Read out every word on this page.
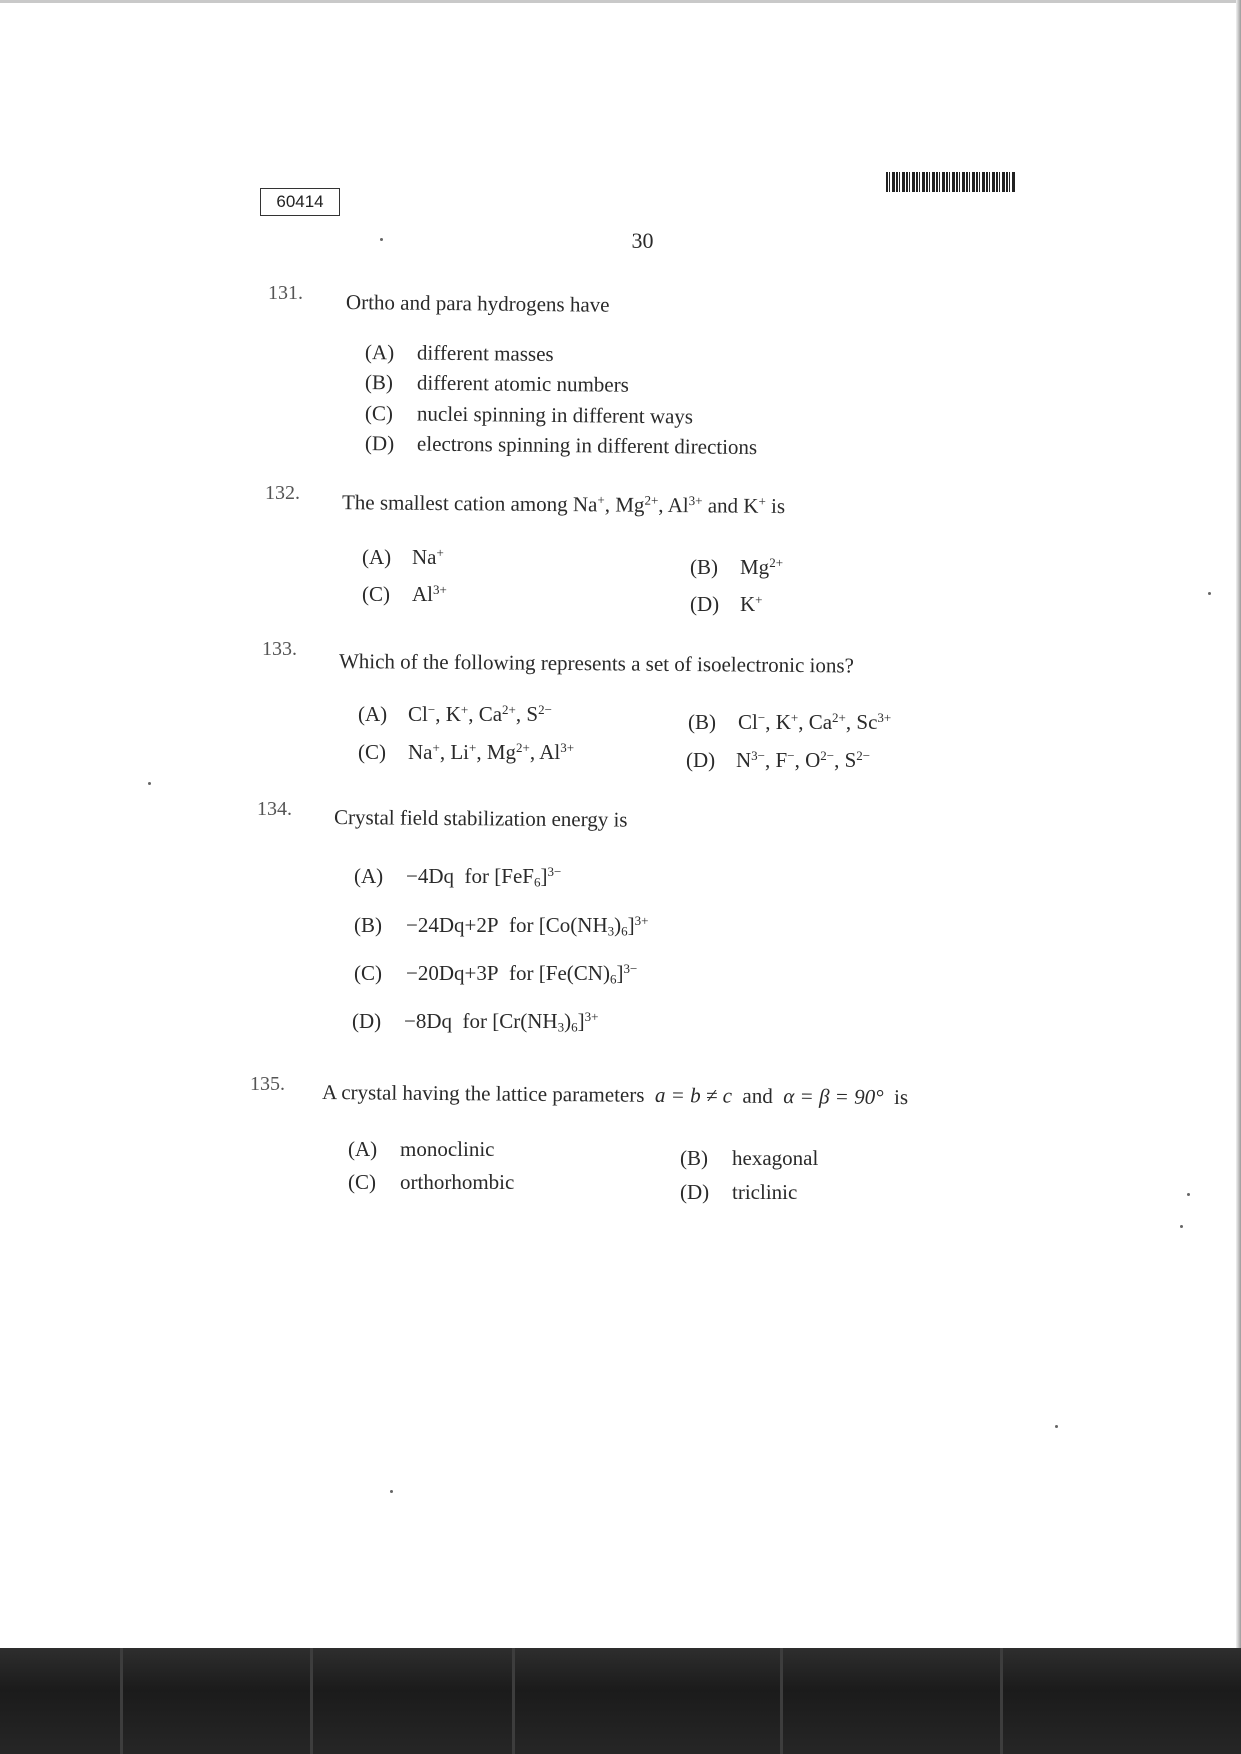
60414
30
131. Ortho and para hydrogens have
(A) different masses
(B) different atomic numbers
(C) nuclei spinning in different ways
(D) electrons spinning in different directions
132. The smallest cation among Na+, $Mg^{2+}$, $Al^{3+}$ and K+ is
(A) Na+
(B) $Mg^{2+}$
(C) $Al^{3+}$
(D) K+
133.
Which of the following represents a set of isoelectronic ions?
(A) Cl−, K+, $Ca^{2+}$, $S^{2-}$
(B) Cl−, K+, $Ca^{2+}$, $Sc^{3+}$
(C) Na+, Li+, $Mg^{2+}$, $Al^{3+}$
(D) $N^{3-}$, F−, $O^{2-}$, $S^{2-}$
134. Crystal field stabilization energy is
(A) −4Dq for $[FeF_6]^{3-}$
(B) −24Dq+2P for $[Co(NH_3)_6]^{3+}$
(C) −20Dq+3P for $[Fe(CN)_6]^{3-}$
(D) −8Dq for $[Cr(NH_3)_6]^{3+}$
135. A crystal having the lattice parameters a = b ≠ c and α = β = 90° is
(A) monoclinic	(B) hexagonal
(C) orthorhombic	(D) triclinic
